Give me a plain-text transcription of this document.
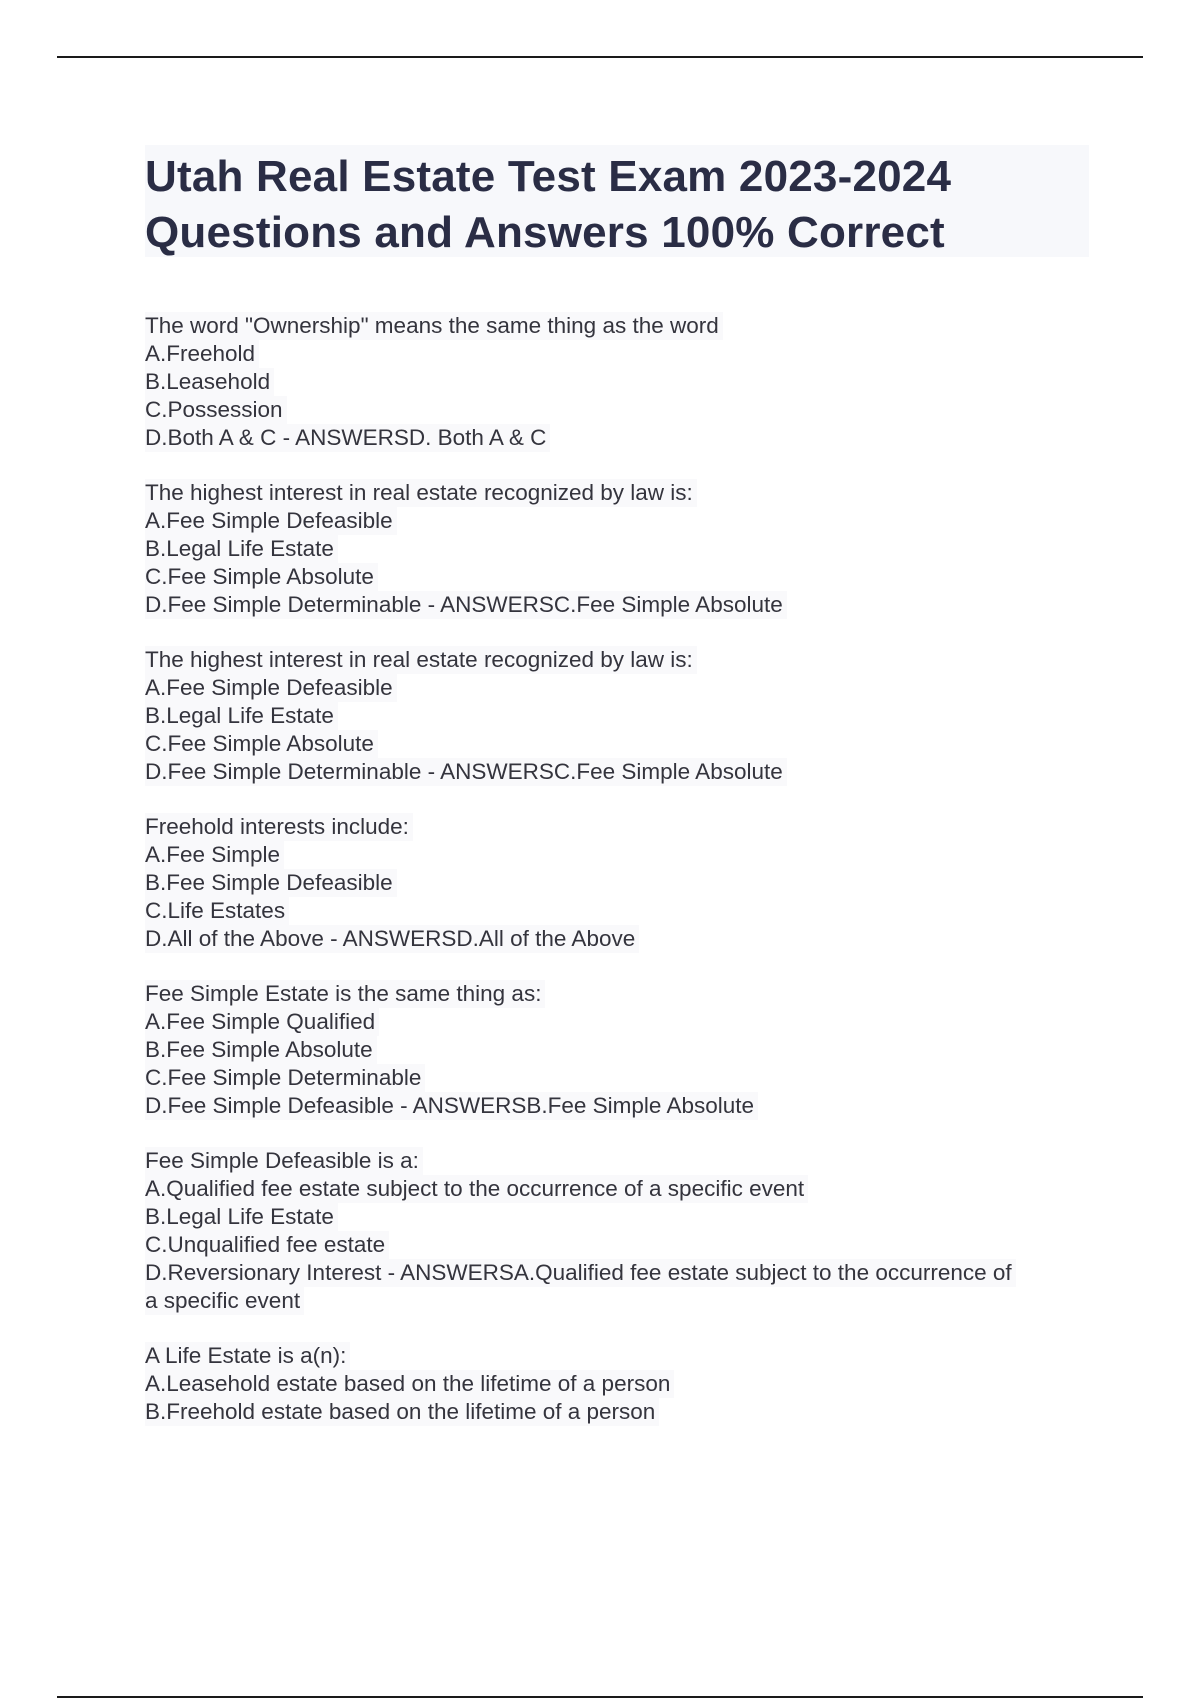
Utah Real Estate Test Exam 2023-2024
Questions and Answers 100% Correct
The word "Ownership" means the same thing as the word
A.Freehold
B.Leasehold
C.Possession
D.Both A & C - ANSWERSD. Both A & C
The highest interest in real estate recognized by law is:
A.Fee Simple Defeasible
B.Legal Life Estate
C.Fee Simple Absolute
D.Fee Simple Determinable - ANSWERSC.Fee Simple Absolute
The highest interest in real estate recognized by law is:
A.Fee Simple Defeasible
B.Legal Life Estate
C.Fee Simple Absolute
D.Fee Simple Determinable - ANSWERSC.Fee Simple Absolute
Freehold interests include:
A.Fee Simple
B.Fee Simple Defeasible
C.Life Estates
D.All of the Above - ANSWERSD.All of the Above
Fee Simple Estate is the same thing as:
A.Fee Simple Qualified
B.Fee Simple Absolute
C.Fee Simple Determinable
D.Fee Simple Defeasible - ANSWERSB.Fee Simple Absolute
Fee Simple Defeasible is a:
A.Qualified fee estate subject to the occurrence of a specific event
B.Legal Life Estate
C.Unqualified fee estate
D.Reversionary Interest - ANSWERSA.Qualified fee estate subject to the occurrence of
a specific event
A Life Estate is a(n):
A.Leasehold estate based on the lifetime of a person
B.Freehold estate based on the lifetime of a person
